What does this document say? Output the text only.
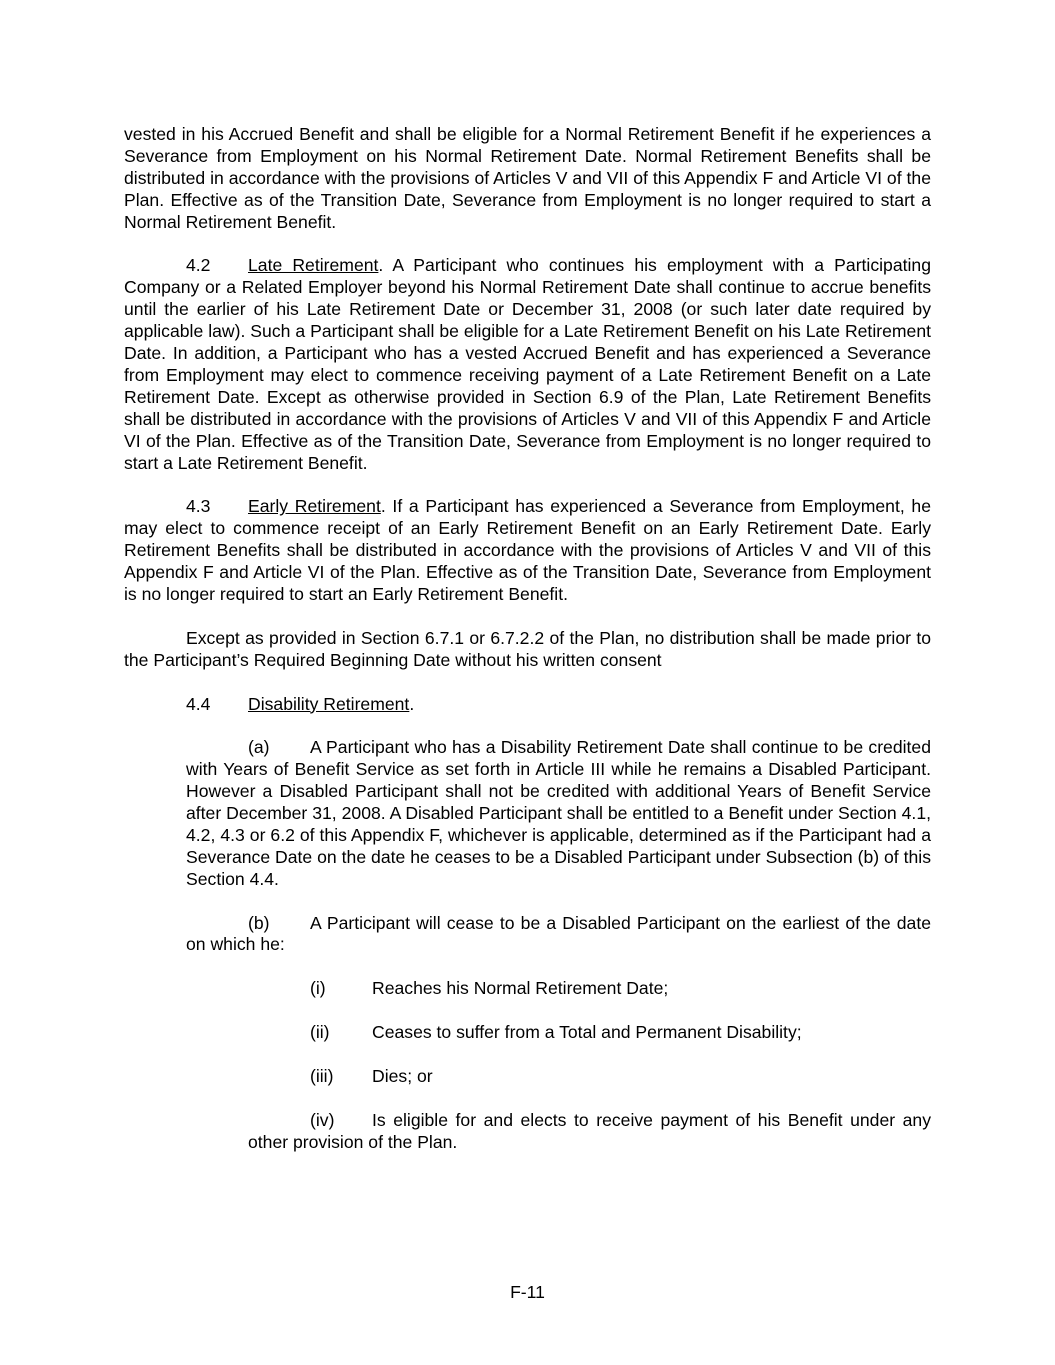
vested in his Accrued Benefit and shall be eligible for a Normal Retirement Benefit if he experiences a Severance from Employment on his Normal Retirement Date. Normal Retirement Benefits shall be distributed in accordance with the provisions of Articles V and VII of this Appendix F and Article VI of the Plan. Effective as of the Transition Date, Severance from Employment is no longer required to start a Normal Retirement Benefit.

4.2 Late Retirement. A Participant who continues his employment with a Participating Company or a Related Employer beyond his Normal Retirement Date shall continue to accrue benefits until the earlier of his Late Retirement Date or December 31, 2008 (or such later date required by applicable law). Such a Participant shall be eligible for a Late Retirement Benefit on his Late Retirement Date. In addition, a Participant who has a vested Accrued Benefit and has experienced a Severance from Employment may elect to commence receiving payment of a Late Retirement Benefit on a Late Retirement Date. Except as otherwise provided in Section 6.9 of the Plan, Late Retirement Benefits shall be distributed in accordance with the provisions of Articles V and VII of this Appendix F and Article VI of the Plan. Effective as of the Transition Date, Severance from Employment is no longer required to start a Late Retirement Benefit.

4.3 Early Retirement. If a Participant has experienced a Severance from Employment, he may elect to commence receipt of an Early Retirement Benefit on an Early Retirement Date. Early Retirement Benefits shall be distributed in accordance with the provisions of Articles V and VII of this Appendix F and Article VI of the Plan. Effective as of the Transition Date, Severance from Employment is no longer required to start an Early Retirement Benefit.

Except as provided in Section 6.7.1 or 6.7.2.2 of the Plan, no distribution shall be made prior to the Participant’s Required Beginning Date without his written consent

4.4 Disability Retirement.

(a) A Participant who has a Disability Retirement Date shall continue to be credited with Years of Benefit Service as set forth in Article III while he remains a Disabled Participant. However a Disabled Participant shall not be credited with additional Years of Benefit Service after December 31, 2008. A Disabled Participant shall be entitled to a Benefit under Section 4.1, 4.2, 4.3 or 6.2 of this Appendix F, whichever is applicable, determined as if the Participant had a Severance Date on the date he ceases to be a Disabled Participant under Subsection (b) of this Section 4.4.

(b) A Participant will cease to be a Disabled Participant on the earliest of the date on which he:

(i)	Reaches his Normal Retirement Date;

(ii) Ceases to suffer from a Total and Permanent Disability;

(iii) Dies; or

(iv) Is eligible for and elects to receive payment of his Benefit under any other provision of the Plan.

F-11
